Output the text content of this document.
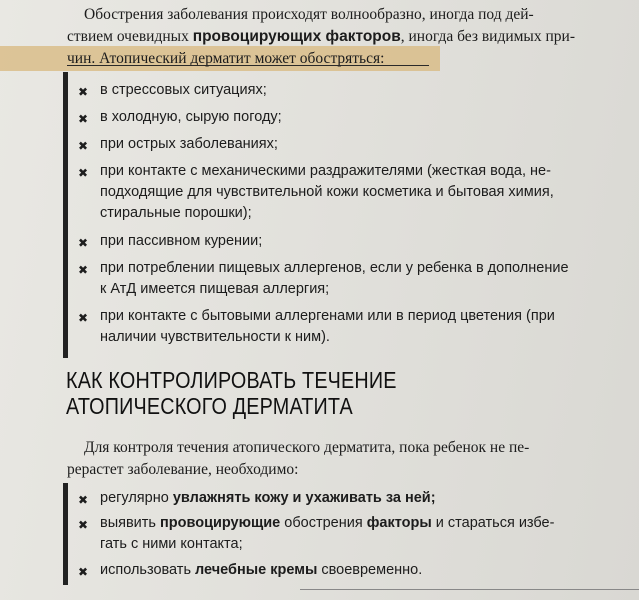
Обострения заболевания происходят волнообразно, иногда под дей-
ствием очевидных провоцирующих факторов, иногда без видимых при-
чин. Атопический дерматит может обостряться:
✖ в стрессовых ситуациях;
✖ в холодную, сырую погоду;
✖ при острых заболеваниях;
✖ при контакте с механическими раздражителями (жесткая вода, не-
подходящие для чувствительной кожи косметика и бытовая химия,
стиральные порошки);
✖ при пассивном курении;
✖ при потреблении пищевых аллергенов, если у ребенка в дополнение
к АтД имеется пищевая аллергия;
✖ при контакте с бытовыми аллергенами или в период цветения (при
наличии чувствительности к ним).
КАК КОНТРОЛИРОВАТЬ ТЕЧЕНИЕ
АТОПИЧЕСКОГО ДЕРМАТИТА
Для контроля течения атопического дерматита, пока ребенок не пе-
рерастет заболевание, необходимо:
✖ регулярно увлажнять кожу и ухаживать за ней;
✖ выявить провоцирующие обострения факторы и стараться избе-
гать с ними контакта;
✖ использовать лечебные кремы своевременно.
